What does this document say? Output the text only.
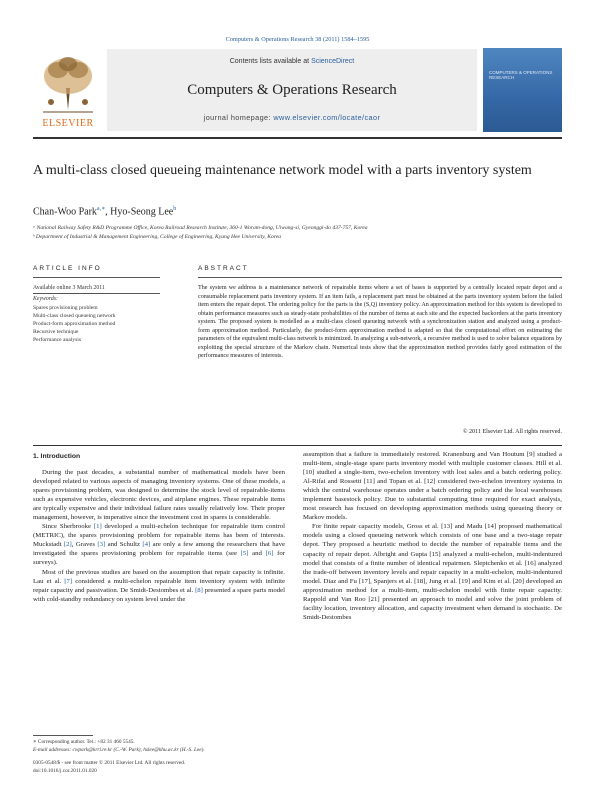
Computers & Operations Research 38 (2011) 1584–1595
ELSEVIER
Contents lists available at ScienceDirect
Computers & Operations Research
journal homepage: www.elsevier.com/locate/caor
COMPUTERS & OPERATIONS RESEARCH
A multi-class closed queueing maintenance network model with a parts inventory system
Chan-Woo Park$^{a,∗}$, Hyo-Seong Lee$^b$
ᵃ National Railway Safety R&D Programme Office, Korea Railroad Research Institute, 360-1 Woram-dong, Uiwang-si, Gyeonggi-do 437-757, Korea
ᵇ Department of Industrial & Management Engineering, College of Engineering, Kyung Hee University, Korea
ARTICLE INFO
Available online 3 March 2011
Keywords:
Spares provisioning problem
Multi-class closed queueing network
Product-form approximation method
Recursive technique
Performance analysis
ABSTRACT
The system we address is a maintenance network of repairable items where a set of bases is supported by a centrally located repair depot and a consumable replacement parts inventory system. If an item fails, a replacement part must be obtained at the parts inventory system before the failed item enters the repair depot. The ordering policy for the parts is the (S,Q) inventory policy. An approximation method for this system is developed to obtain performance measures such as steady-state probabilities of the number of items at each site and the expected backorders at the parts inventory system. The proposed system is modelled as a multi-class closed queueing network with a synchronization station and analyzed using a product-form approximation method. Particularly, the product-form approximation method is adapted so that the computational effort on estimating the parameters of the equivalent multi-class network is minimized. In analyzing a sub-network, a recursive method is used to solve balance equations by exploiting the special structure of the Markov chain. Numerical tests show that the approximation method provides fairly good estimation of the performance measures of interests.
© 2011 Elsevier Ltd. All rights reserved.
1. Introduction

During the past decades, a substantial number of mathematical models have been developed related to various aspects of managing inventory systems. One of these models, a spares provisioning problem, was designed to determine the stock level of repairable-items such as expensive vehicles, electronic devices, and airplane engines. These repairable items are typically expensive and their individual failure rates usually relatively low. Their proper management, however, is imperative since the investment cost in spares is considerable.

Since Sherbrooke [1] developed a multi-echelon technique for repairable item control (METRIC), the spares provisioning problem for repairable items has been of interests. Muckstadt [2], Graves [3] and Schultz [4] are only a few among the researchers that have investigated the spares provisioning problem for repairable items (see [5] and [6] for surveys).

Most of the previous studies are based on the assumption that repair capacity is infinite. Lau et al. [7] considered a multi-echelon repairable item inventory system with infinite repair capacity and passivation. De Smidt-Destombes et al. [8] presented a spare parts model with cold-standby redundancy on system level under the

assumption that a failure is immediately restored. Kranenburg and Van Houtum [9] studied a multi-item, single-stage spare parts inventory model with multiple customer classes. Hill et al. [10] studied a single-item, two-echelon inventory with lost sales and a batch ordering policy. Al-Rifai and Rossetti [11] and Topan et al. [12] considered two-echelon inventory systems in which the central warehouse operates under a batch ordering policy and the local warehouses implement basestock policy. Due to substantial computing time required for exact analysis, most research has focused on developing approximation methods using queueing theory or Markov models.

For finite repair capacity models, Gross et al. [13] and Madu [14] proposed mathematical models using a closed queueing network which consists of one base and a two-stage repair depot. They proposed a heuristic method to decide the number of repairable items and the capacity of repair depot. Albright and Gupta [15] analyzed a multi-echelon, multi-indentured model that consists of a finite number of identical repairmen. Sleptchenko et al. [16] analyzed the trade-off between inventory levels and repair capacity in a multi-echelon, multi-indentured model. Diaz and Fu [17], Spanjers et al. [18], Jung et al. [19] and Kim et al. [20] developed an approximation method for a multi-item, multi-echelon model with finite repair capacity. Rappold and Van Roo [21] presented an approach to model and solve the joint problem of facility location, inventory allocation, and capacity investment when demand is stochastic. De Smidt-Destombes

∗ Corresponding author. Tel.: +82 31 460 5545.
E-mail addresses: cwpark@krri.re.kr (C.-W. Park), hslee@khu.ac.kr (H.-S. Lee).
0305-0548/$ - see front matter © 2011 Elsevier Ltd. All rights reserved.
doi:10.1016/j.cor.2011.01.020
